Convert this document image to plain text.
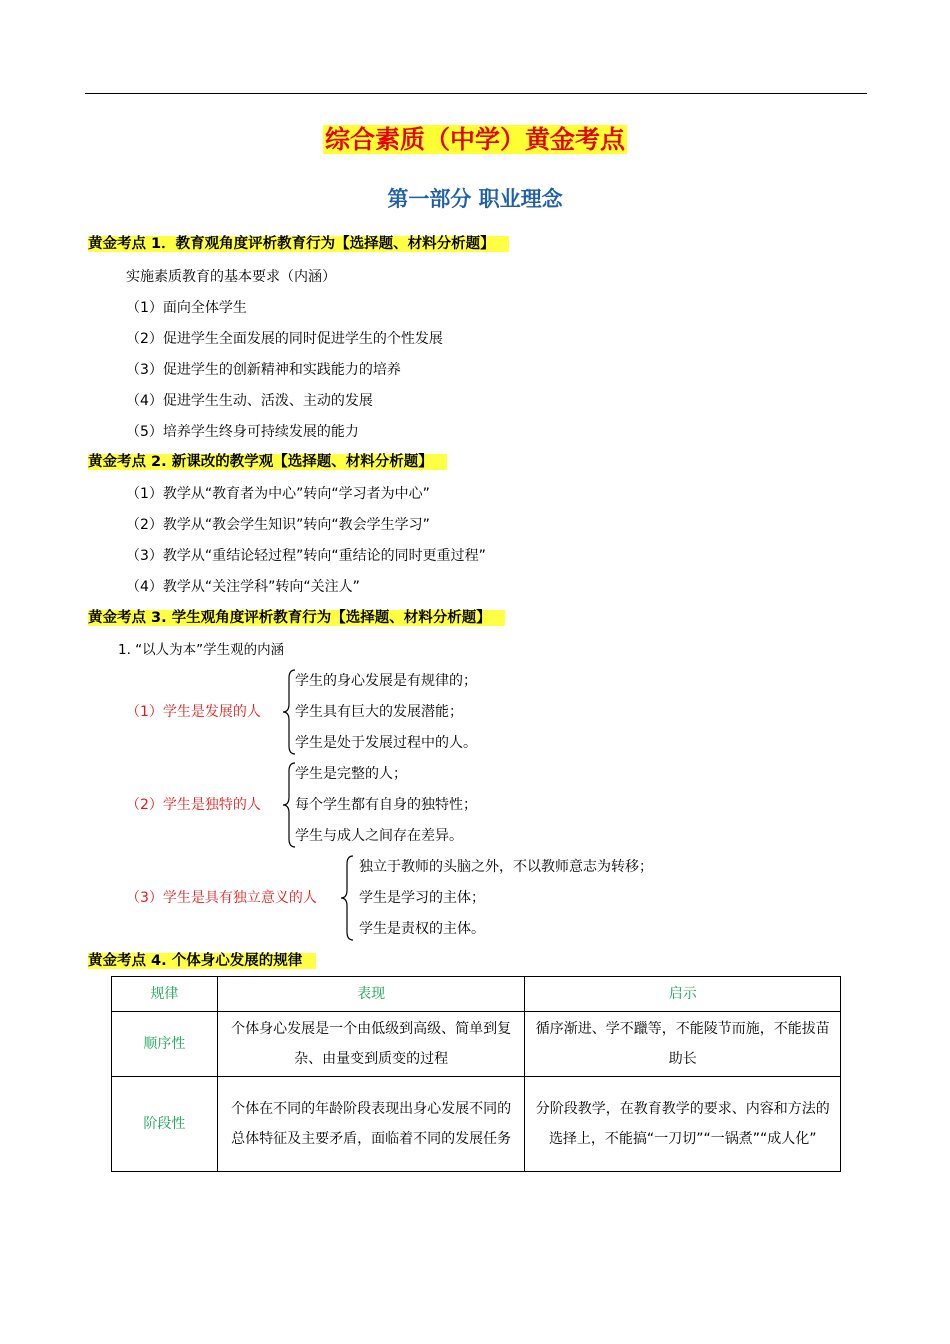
综合素质（中学）黄金考点
第一部分 职业理念
黄金考点 1．教育观角度评析教育行为【选择题、材料分析题】
实施素质教育的基本要求（内涵）
（1）面向全体学生
（2）促进学生全面发展的同时促进学生的个性发展
（3）促进学生的创新精神和实践能力的培养
（4）促进学生生动、活泼、主动的发展
（5）培养学生终身可持续发展的能力
黄金考点 2. 新课改的教学观【选择题、材料分析题】
（1）教学从“教育者为中心”转向“学习者为中心”
（2）教学从“教会学生知识”转向“教会学生学习”
（3）教学从“重结论轻过程”转向“重结论的同时更重过程”
（4）教学从“关注学科”转向“关注人”
黄金考点 3. 学生观角度评析教育行为【选择题、材料分析题】
1. “以人为本”学生观的内涵
（1）学生是发展的人
学生的身心发展是有规律的；
学生具有巨大的发展潜能；
学生是处于发展过程中的人。
（2）学生是独特的人
学生是完整的人；
每个学生都有自身的独特性；
学生与成人之间存在差异。
（3）学生是具有独立意义的人
独立于教师的头脑之外，不以教师意志为转移；
学生是学习的主体；
学生是责权的主体。
黄金考点 4. 个体身心发展的规律
规律	表现	启示
顺序性	个体身心发展是一个由低级到高级、简单到复杂、由量变到质变的过程	循序渐进、学不躐等，不能陵节而施，不能拔苗助长
阶段性	个体在不同的年龄阶段表现出身心发展不同的总体特征及主要矛盾，面临着不同的发展任务	分阶段教学，在教育教学的要求、内容和方法的选择上，不能搞“一刀切”“一锅煮”“成人化”
